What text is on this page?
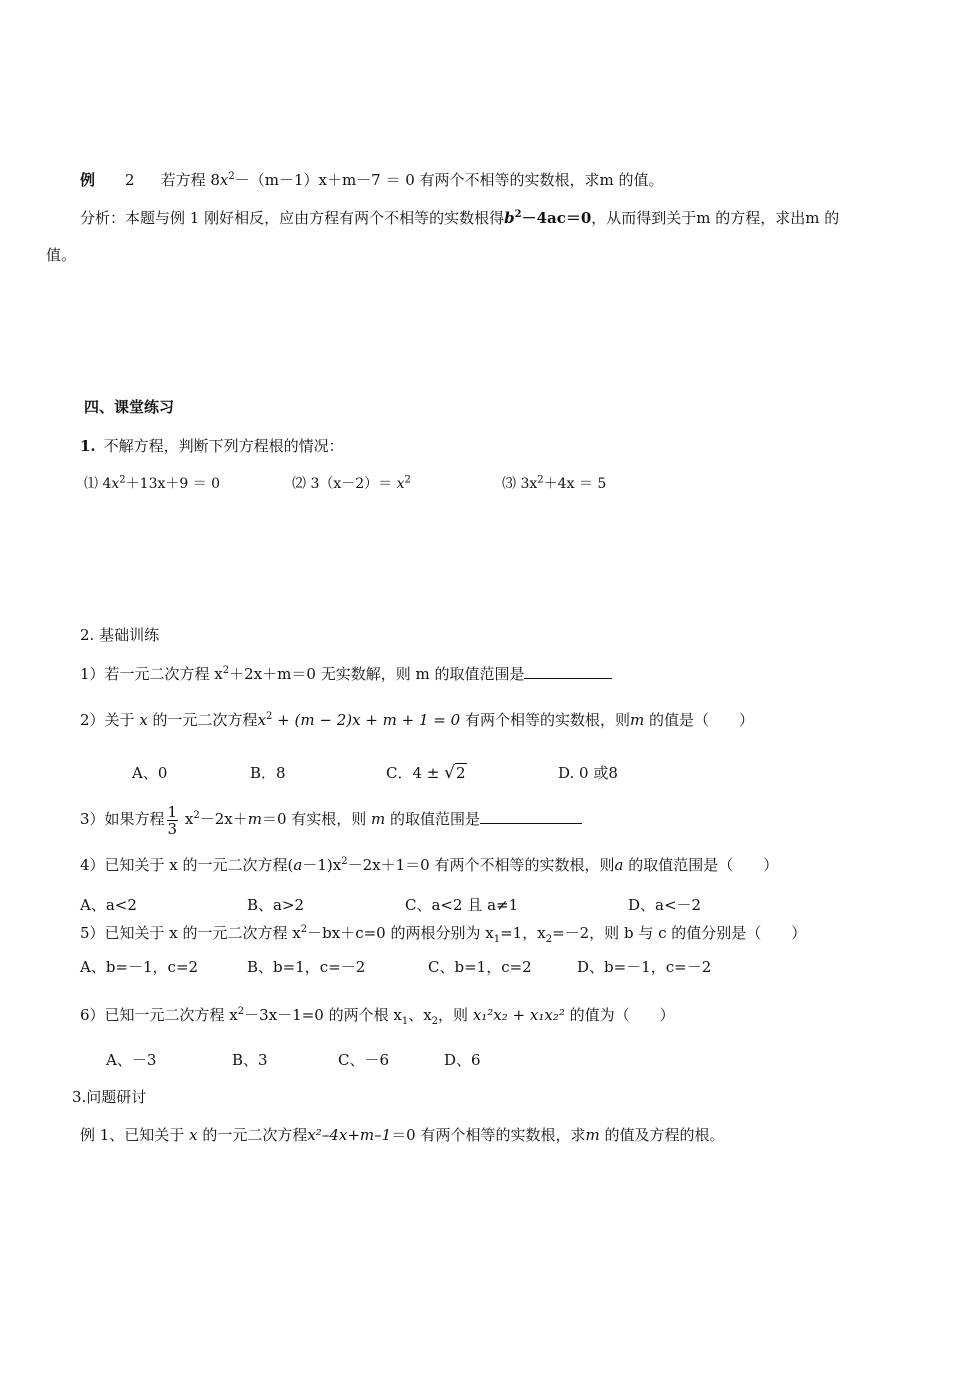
例 2 若方程 $8x^2-(m-1)x+m-7 = 0$ 有两个不相等的实数根，求m 的值。
分析：本题与例 1 刚好相反，应由方程有两个不相等的实数根得$b^2-4ac=0$，从而得到关于m 的方程，求出m 的
值。
四、课堂练习
1. 不解方程，判断下列方程根的情况：
⑴ $4x^2+13x+9 = 0$	⑵ $3(x-2)= x^2$	⑶ $3x^2+4x = 5$
2. 基础训练
1）若一元二次方程 $x^2+2x+m=0$ 无实数解，则 m 的取值范围是
2）关于 x 的一元二次方程$x^2 + (m - 2)x + m + 1 = 0$ 有两个相等的实数根，则m 的值是（　　）
A、0	B．8	C．4 ± √2	D. 0 或8
3）如果方程 $\frac{1}{3} x^2-2x+m=0$ 有实根，则 m 的取值范围是
4）已知关于 x 的一元二次方程$(a-1)x^2-2x+1=0$ 有两个不相等的实数根，则a 的取值范围是（　　）
A、a<2	B、a>2	C、a<2 且 a≠1	D、a<－2
5）已知关于 x 的一元二次方程 $x^2-bx+c=0$ 的两根分别为 $x_1=1$，$x_2=-2$，则 b 与 c 的值分别是（　　）
A、b=－1，c=2	B、b=1，c=－2	C、b=1，c=2	D、b=－1，c=－2
6）已知一元二次方程 $x^2-3x-1=0$ 的两个根 $x_1$、$x_2$，则 x₁²x₂ + x₁x₂² 的值为（　　）
A、－3	B、3	C、－6	D、6
3.问题研讨
例 1、已知关于 x 的一元二次方程x²–4x+m–1＝0 有两个相等的实数根，求m 的值及方程的根。
